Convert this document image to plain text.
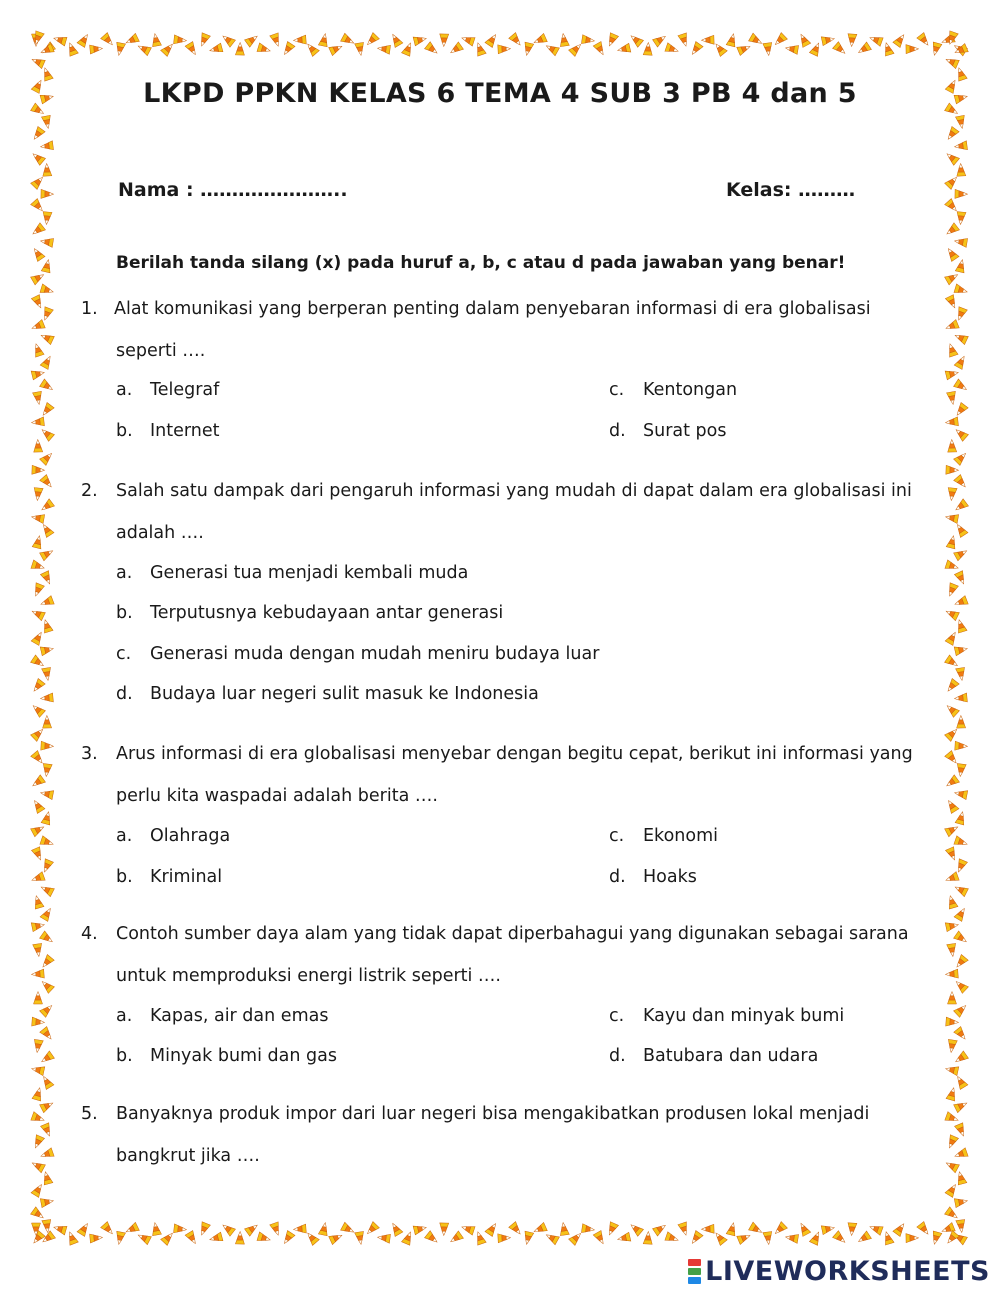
LKPD PPKN KELAS 6 TEMA 4 SUB 3 PB 4 dan 5
Nama : …………………..	Kelas: ………
Berilah tanda silang (x) pada huruf a, b, c atau d pada jawaban yang benar!
1. Alat komunikasi yang berperan penting dalam penyebaran informasi di era globalisasi seperti ….
a. Telegraf
b. Internet
c. Kentongan
d. Surat pos
2. Salah satu dampak dari pengaruh informasi yang mudah di dapat dalam era globalisasi ini adalah ….
a. Generasi tua menjadi kembali muda
b. Terputusnya kebudayaan antar generasi
c. Generasi muda dengan mudah meniru budaya luar
d. Budaya luar negeri sulit masuk ke Indonesia
3. Arus informasi di era globalisasi menyebar dengan begitu cepat, berikut ini informasi yang perlu kita waspadai adalah berita ….
a. Olahraga
b. Kriminal
c. Ekonomi
d. Hoaks
4. Contoh sumber daya alam yang tidak dapat diperbahagui yang digunakan sebagai sarana untuk memproduksi energi listrik seperti ….
a. Kapas, air dan emas
b. Minyak bumi dan gas
c. Kayu dan minyak bumi
d. Batubara dan udara
5. Banyaknya produk impor dari luar negeri bisa mengakibatkan produsen lokal menjadi bangkrut jika ….
LIVEWORKSHEETS
